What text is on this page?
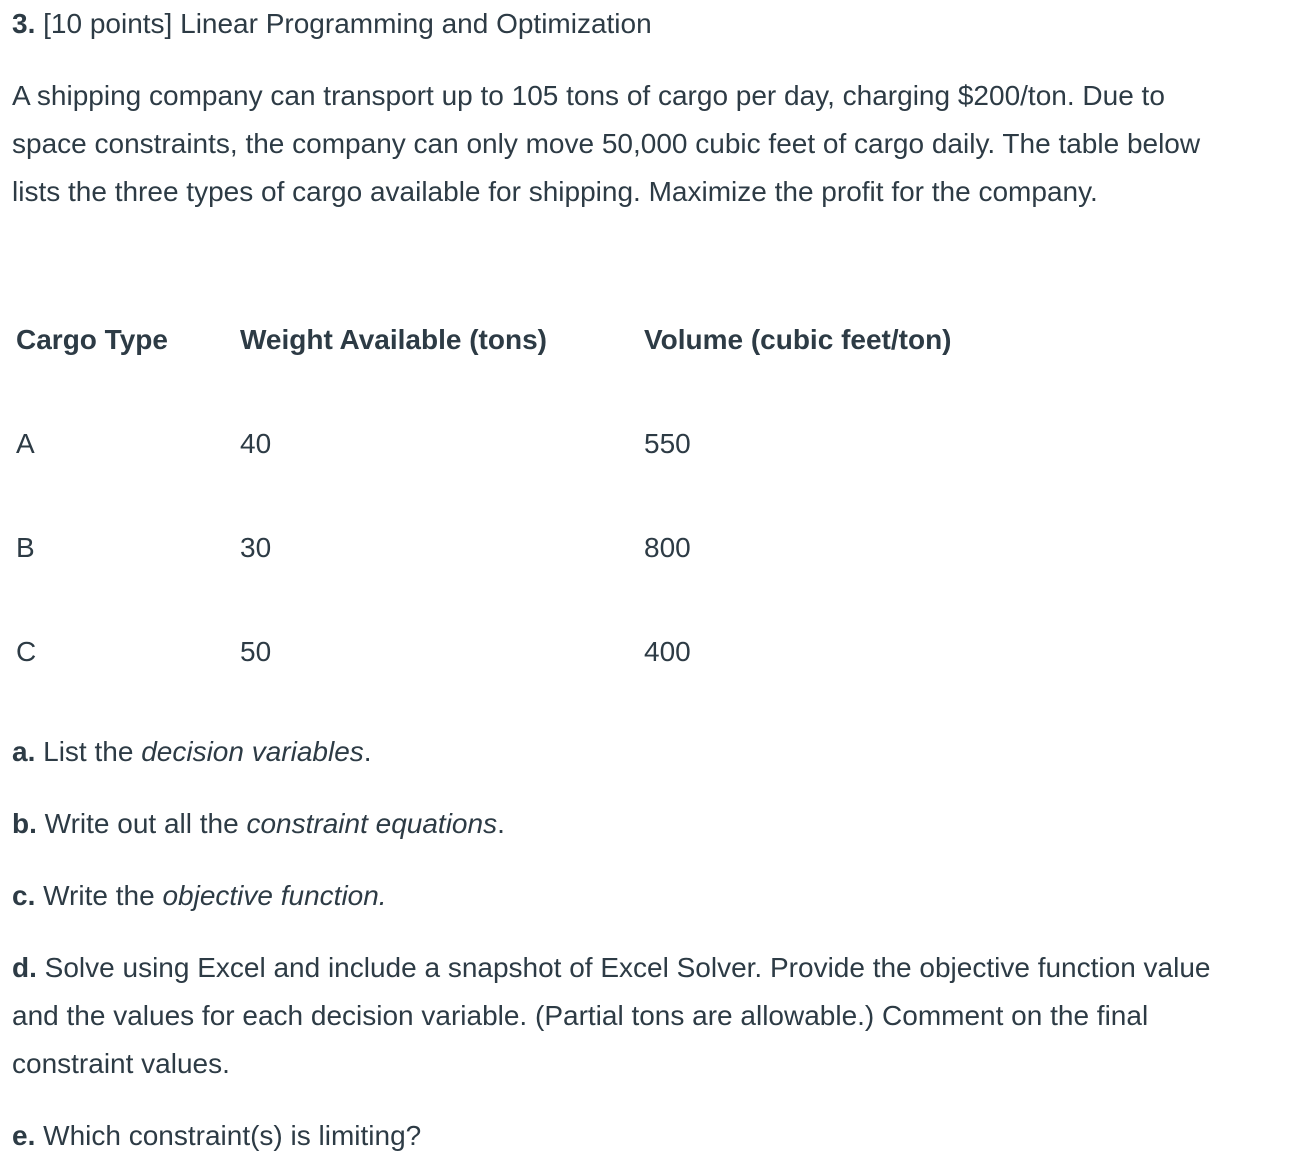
3. [10 points] Linear Programming and Optimization
A shipping company can transport up to 105 tons of cargo per day, charging $200/ton. Due to space constraints, the company can only move 50,000 cubic feet of cargo daily. The table below lists the three types of cargo available for shipping. Maximize the profit for the company.
Cargo Type	Weight Available (tons)	Volume (cubic feet/ton)
A	40	550
B	30	800
C	50	400
a. List the decision variables.
b. Write out all the constraint equations.
c. Write the objective function.
d. Solve using Excel and include a snapshot of Excel Solver. Provide the objective function value and the values for each decision variable. (Partial tons are allowable.) Comment on the final constraint values.
e. Which constraint(s) is limiting?
